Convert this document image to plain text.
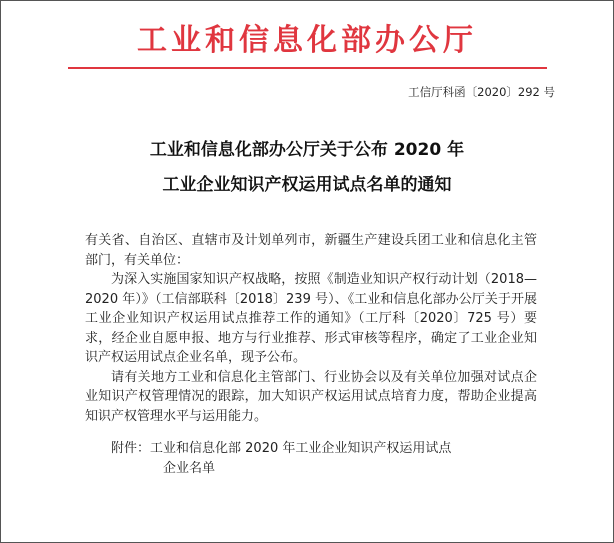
工业和信息化部办公厅
工信厅科函〔2020〕292 号
工业和信息化部办公厅关于公布 2020 年
工业企业知识产权运用试点名单的通知

有关省、自治区、直辖市及计划单列市，新疆生产建设兵团工业和信息化主管部门，有关单位：

为深入实施国家知识产权战略，按照《制造业知识产权行动计划（2018—2020 年）》（工信部联科〔2018〕239 号）、《工业和信息化部办公厅关于开展工业企业知识产权运用试点推荐工作的通知》（工厅科〔2020〕725 号）要求，经企业自愿申报、地方与行业推荐、形式审核等程序，确定了工业企业知识产权运用试点企业名单，现予公布。

请有关地方工业和信息化主管部门、行业协会以及有关单位加强对试点企业知识产权管理情况的跟踪，加大知识产权运用试点培育力度，帮助企业提高知识产权管理水平与运用能力。

附件：工业和信息化部 2020 年工业企业知识产权运用试点

企业名单
